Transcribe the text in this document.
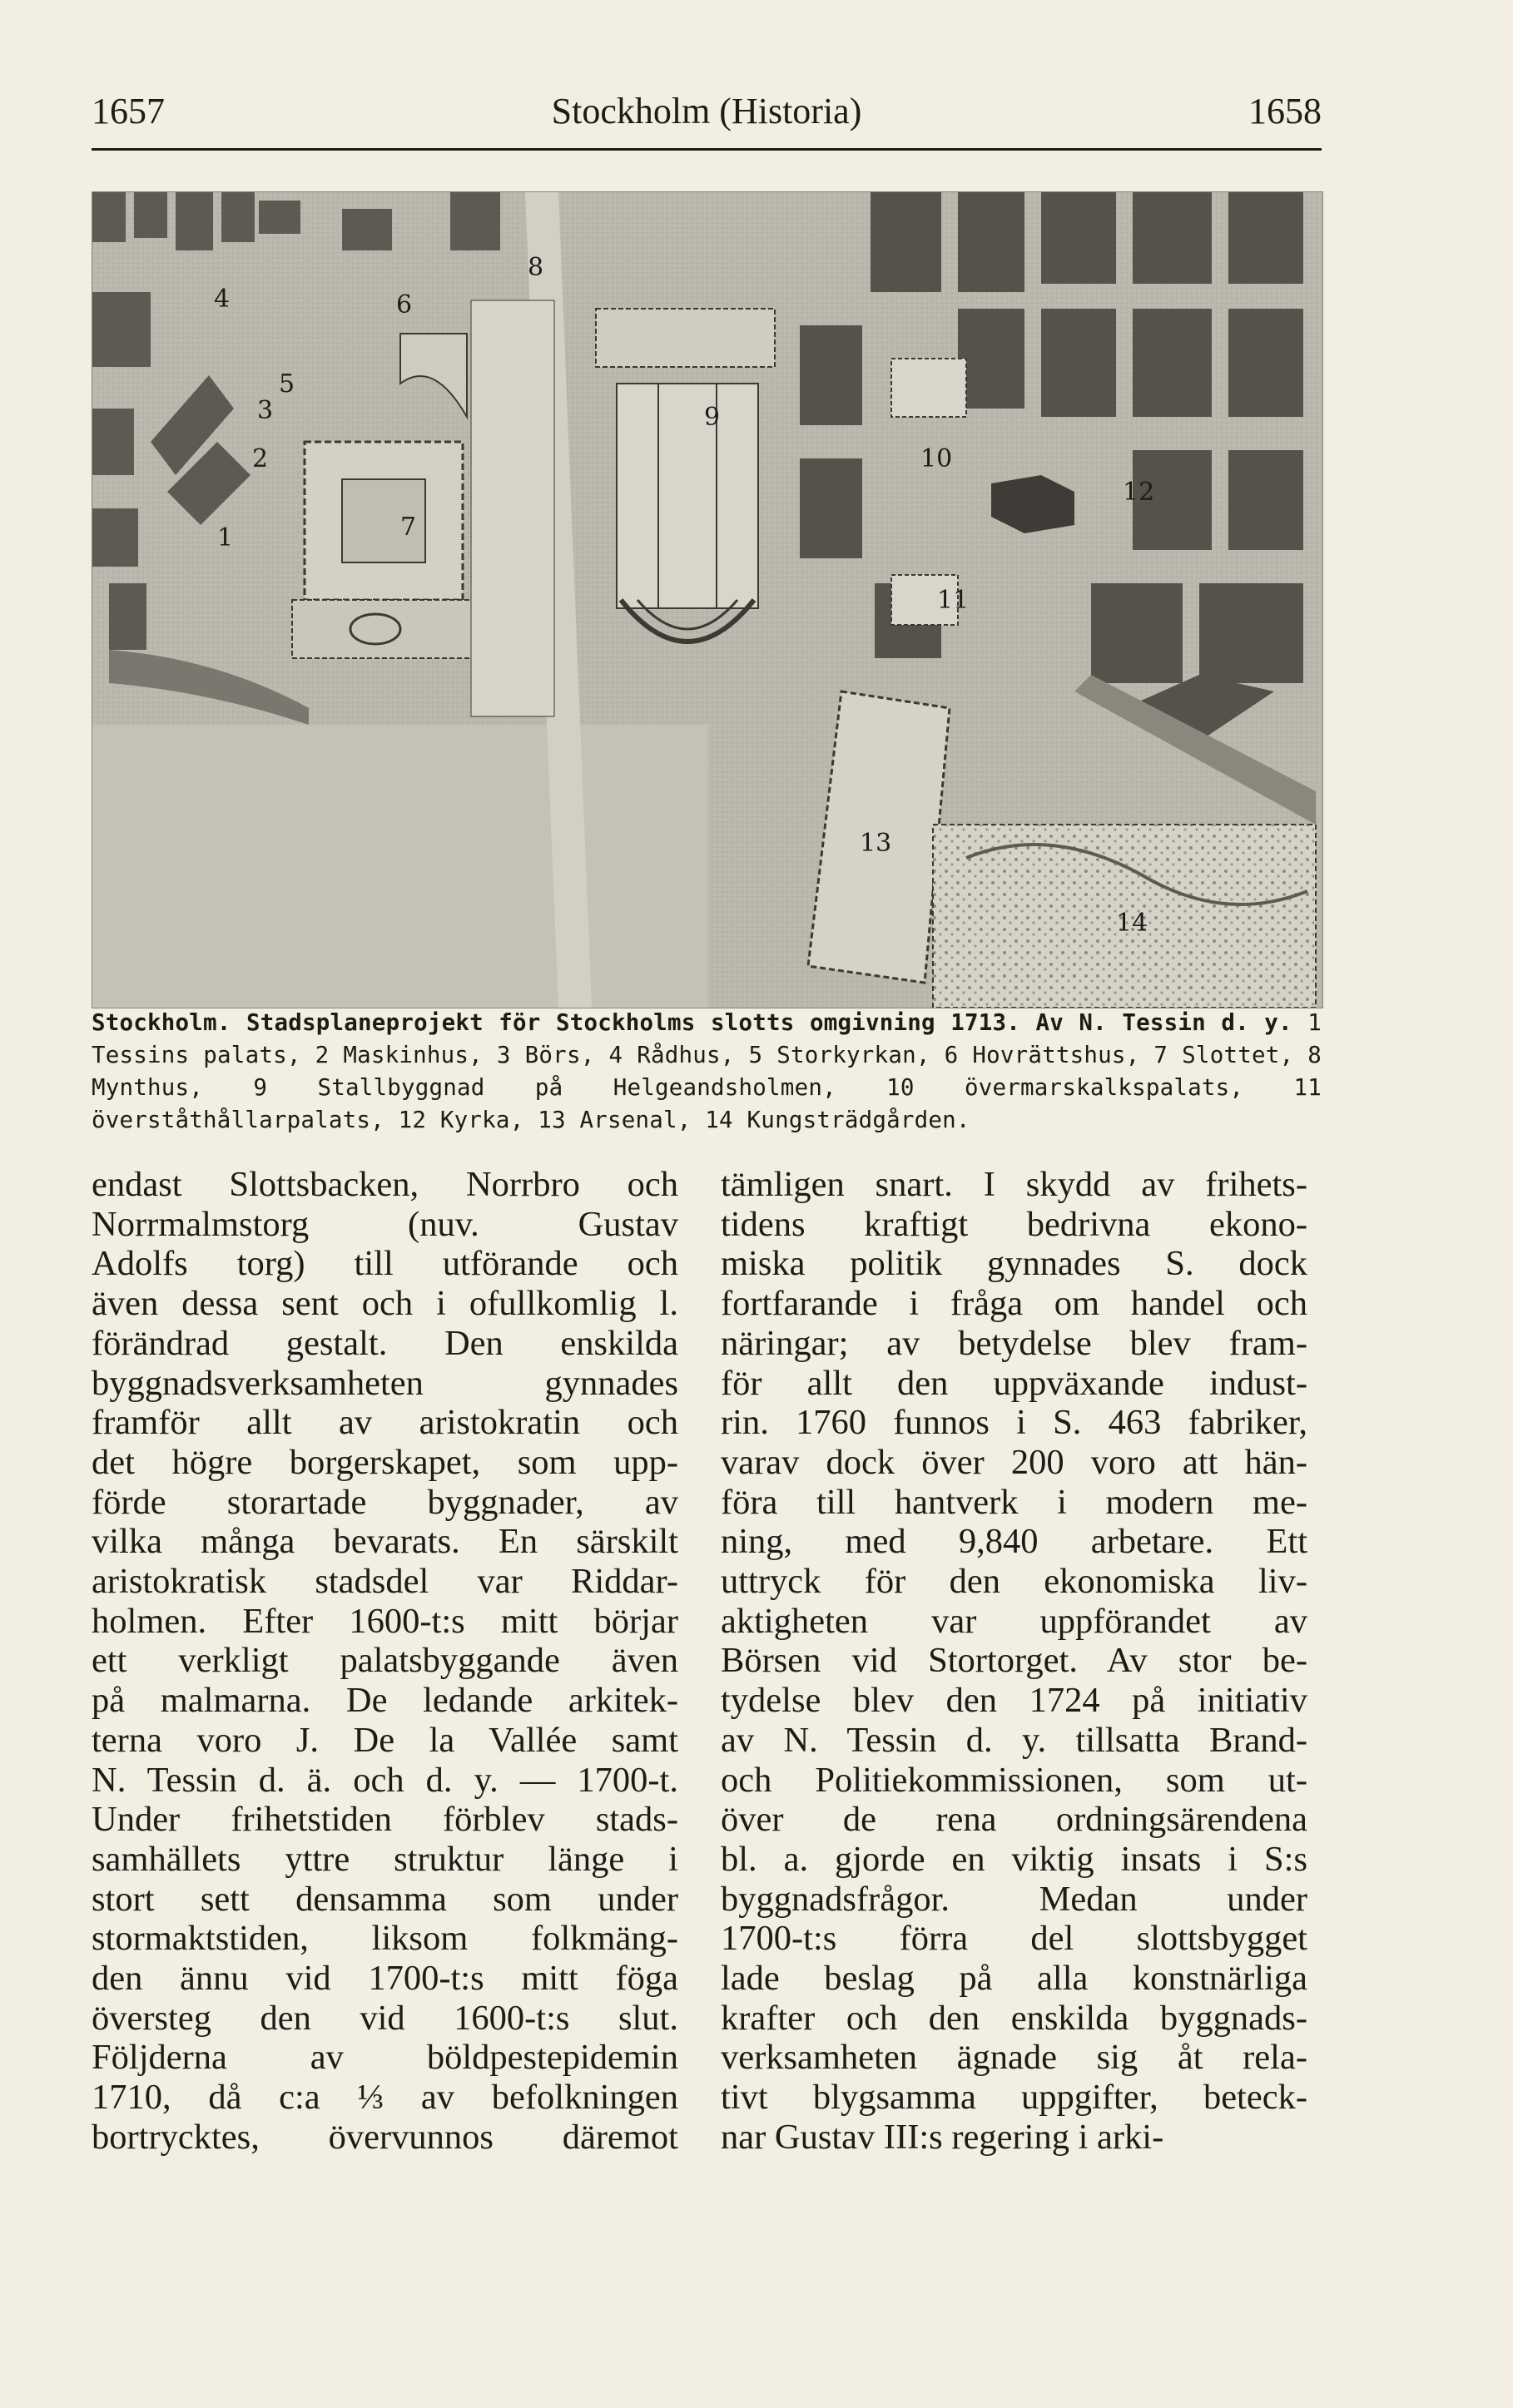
1657	Stockholm (Historia)	1658
1
2
3
4
5
6
7
8
9
10
11
12
13
14
Stockholm. Stadsplaneprojekt för Stockholms slotts omgivning 1713. Av N. Tessin d. y. 1 Tessins palats, 2 Maskinhus, 3 Börs, 4 Rådhus, 5 Storkyrkan, 6 Hovrättshus, 7 Slottet, 8 Mynthus, 9 Stallbyggnad på Helgeandsholmen, 10 övermarskalkspalats, 11 överståthållarpalats, 12 Kyrka, 13 Arsenal, 14 Kungsträdgården.
endast Slottsbacken, Norrbro och
Norrmalmstorg (nuv. Gustav
Adolfs torg) till utförande och
även dessa sent och i ofullkomlig l.
förändrad gestalt. Den enskilda
byggnadsverksamheten gynnades
framför allt av aristokratin och
det högre borgerskapet, som upp-
förde storartade byggnader, av
vilka många bevarats. En särskilt
aristokratisk stadsdel var Riddar-
holmen. Efter 1600-t:s mitt börjar
ett verkligt palatsbyggande även
på malmarna. De ledande arkitek-
terna voro J. De la Vallée samt
N. Tessin d. ä. och d. y. — 1700-t.
Under frihetstiden förblev stads-
samhällets yttre struktur länge i
stort sett densamma som under
stormaktstiden, liksom folkmäng-
den ännu vid 1700-t:s mitt föga
översteg den vid 1600-t:s slut.
Följderna av böldpestepidemin
1710, då c:a ⅓ av befolkningen
bortrycktes, övervunnos däremot
tämligen snart. I skydd av frihets-
tidens kraftigt bedrivna ekono-
miska politik gynnades S. dock
fortfarande i fråga om handel och
näringar; av betydelse blev fram-
för allt den uppväxande indust-
rin. 1760 funnos i S. 463 fabriker,
varav dock över 200 voro att hän-
föra till hantverk i modern me-
ning, med 9,840 arbetare. Ett
uttryck för den ekonomiska liv-
aktigheten var uppförandet av
Börsen vid Stortorget. Av stor be-
tydelse blev den 1724 på initiativ
av N. Tessin d. y. tillsatta Brand-
och Politiekommissionen, som ut-
över de rena ordningsärendena
bl. a. gjorde en viktig insats i S:s
byggnadsfrågor. Medan under
1700-t:s förra del slottsbygget
lade beslag på alla konstnärliga
krafter och den enskilda byggnads-
verksamheten ägnade sig åt rela-
tivt blygsamma uppgifter, beteck-
nar Gustav III:s regering i arki-
